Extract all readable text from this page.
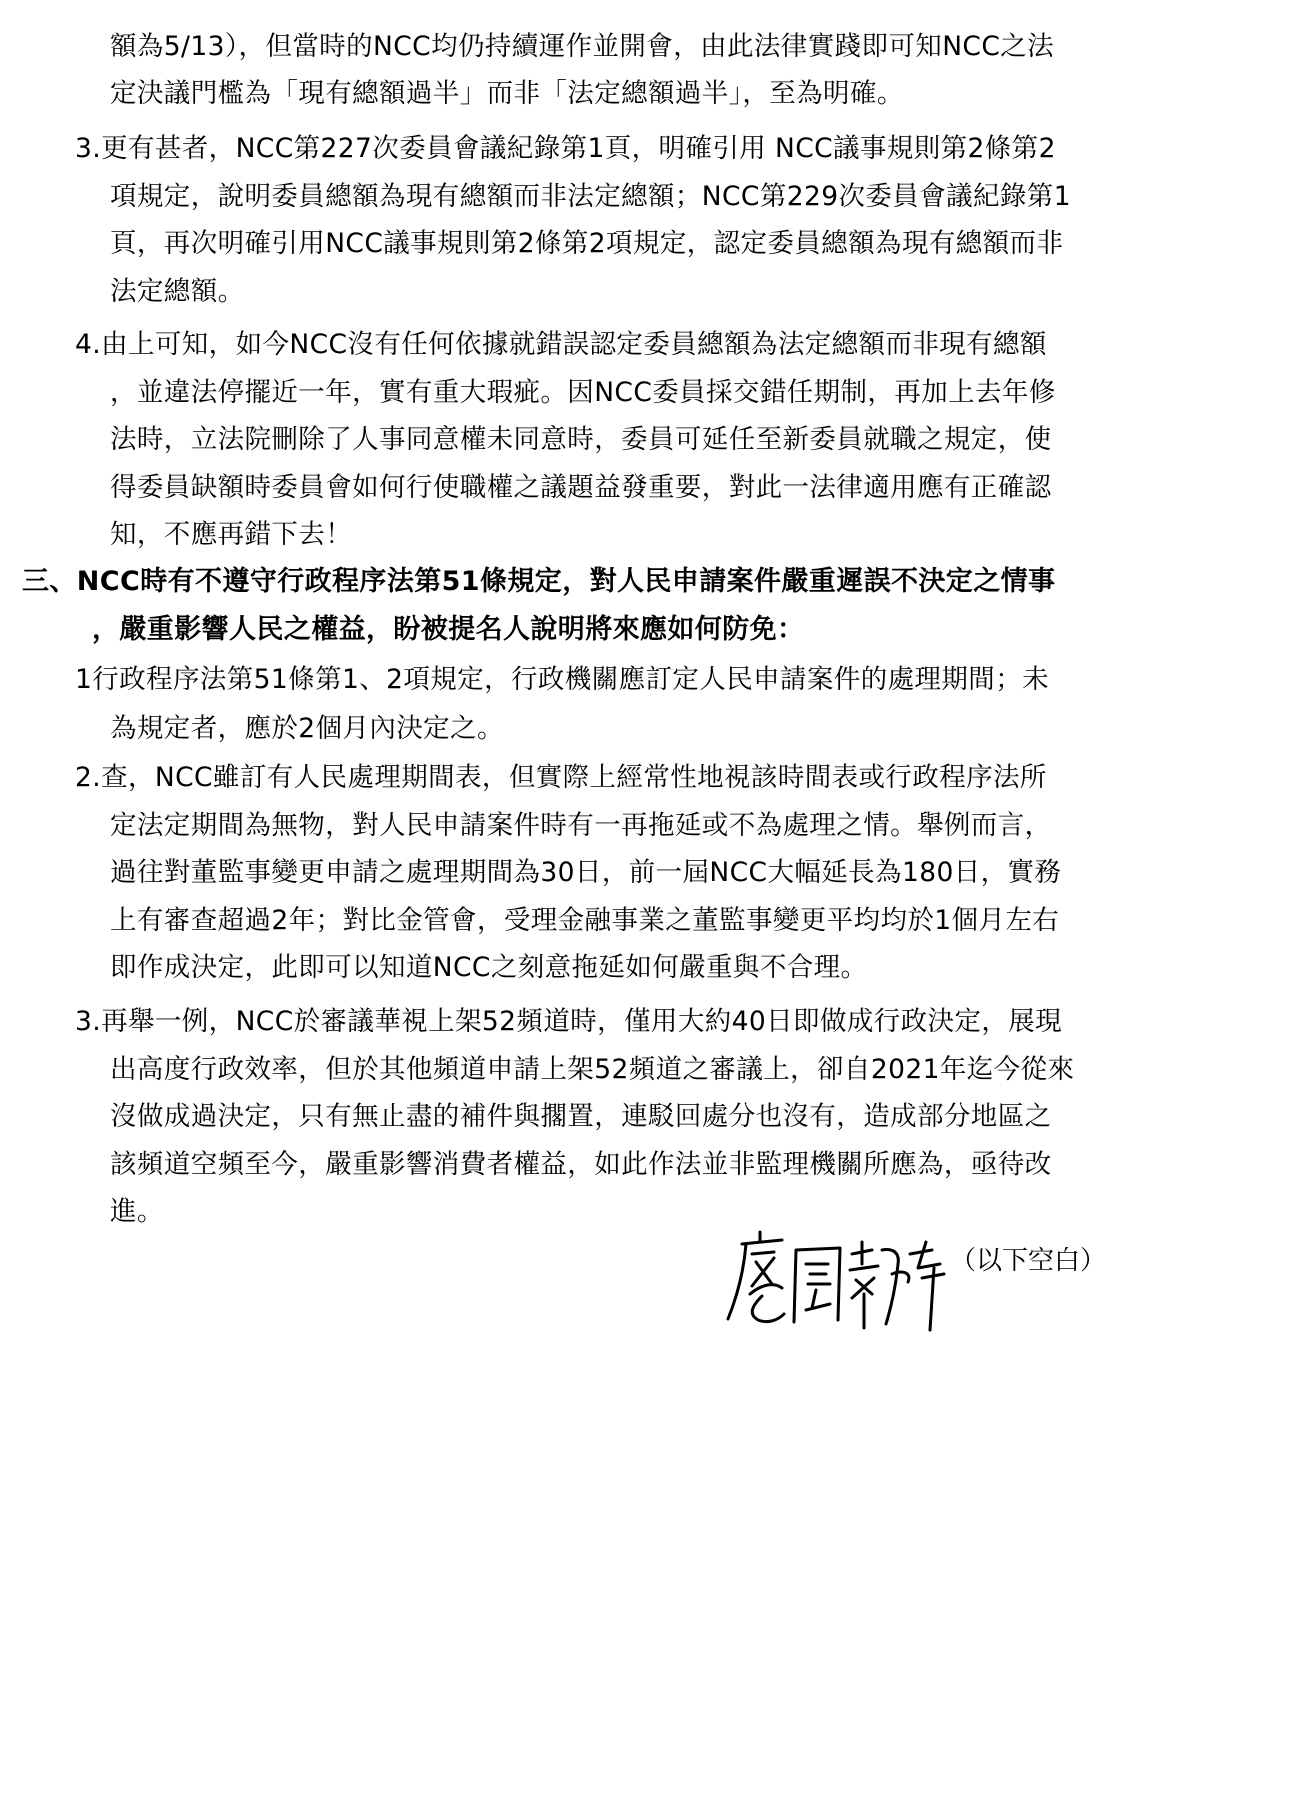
額為5/13），但當時的NCC均仍持續運作並開會，由此法律實踐即可知NCC之法
定決議門檻為「現有總額過半」而非「法定總額過半」，至為明確。
3.更有甚者，NCC第227次委員會議紀錄第1頁，明確引用 NCC議事規則第2條第2
項規定，說明委員總額為現有總額而非法定總額；NCC第229次委員會議紀錄第1
頁，再次明確引用NCC議事規則第2條第2項規定，認定委員總額為現有總額而非
法定總額。
4.由上可知，如今NCC沒有任何依據就錯誤認定委員總額為法定總額而非現有總額
，並違法停擺近一年，實有重大瑕疵。因NCC委員採交錯任期制，再加上去年修
法時，立法院刪除了人事同意權未同意時，委員可延任至新委員就職之規定，使
得委員缺額時委員會如何行使職權之議題益發重要，對此一法律適用應有正確認
知，不應再錯下去！
三、NCC時有不遵守行政程序法第51條規定，對人民申請案件嚴重遲誤不決定之情事
，嚴重影響人民之權益，盼被提名人說明將來應如何防免：
1行政程序法第51條第1、2項規定，行政機關應訂定人民申請案件的處理期間；未
為規定者，應於2個月內決定之。
2.查，NCC雖訂有人民處理期間表，但實際上經常性地視該時間表或行政程序法所
定法定期間為無物，對人民申請案件時有一再拖延或不為處理之情。舉例而言，
過往對董監事變更申請之處理期間為30日，前一屆NCC大幅延長為180日，實務
上有審查超過2年；對比金管會，受理金融事業之董監事變更平均均於1個月左右
即作成決定，此即可以知道NCC之刻意拖延如何嚴重與不合理。
3.再舉一例，NCC於審議華視上架52頻道時，僅用大約40日即做成行政決定，展現
出高度行政效率，但於其他頻道申請上架52頻道之審議上，卻自2021年迄今從來
沒做成過決定，只有無止盡的補件與擱置，連駁回處分也沒有，造成部分地區之
該頻道空頻至今，嚴重影響消費者權益，如此作法並非監理機關所應為，亟待改
進。
（以下空白）
